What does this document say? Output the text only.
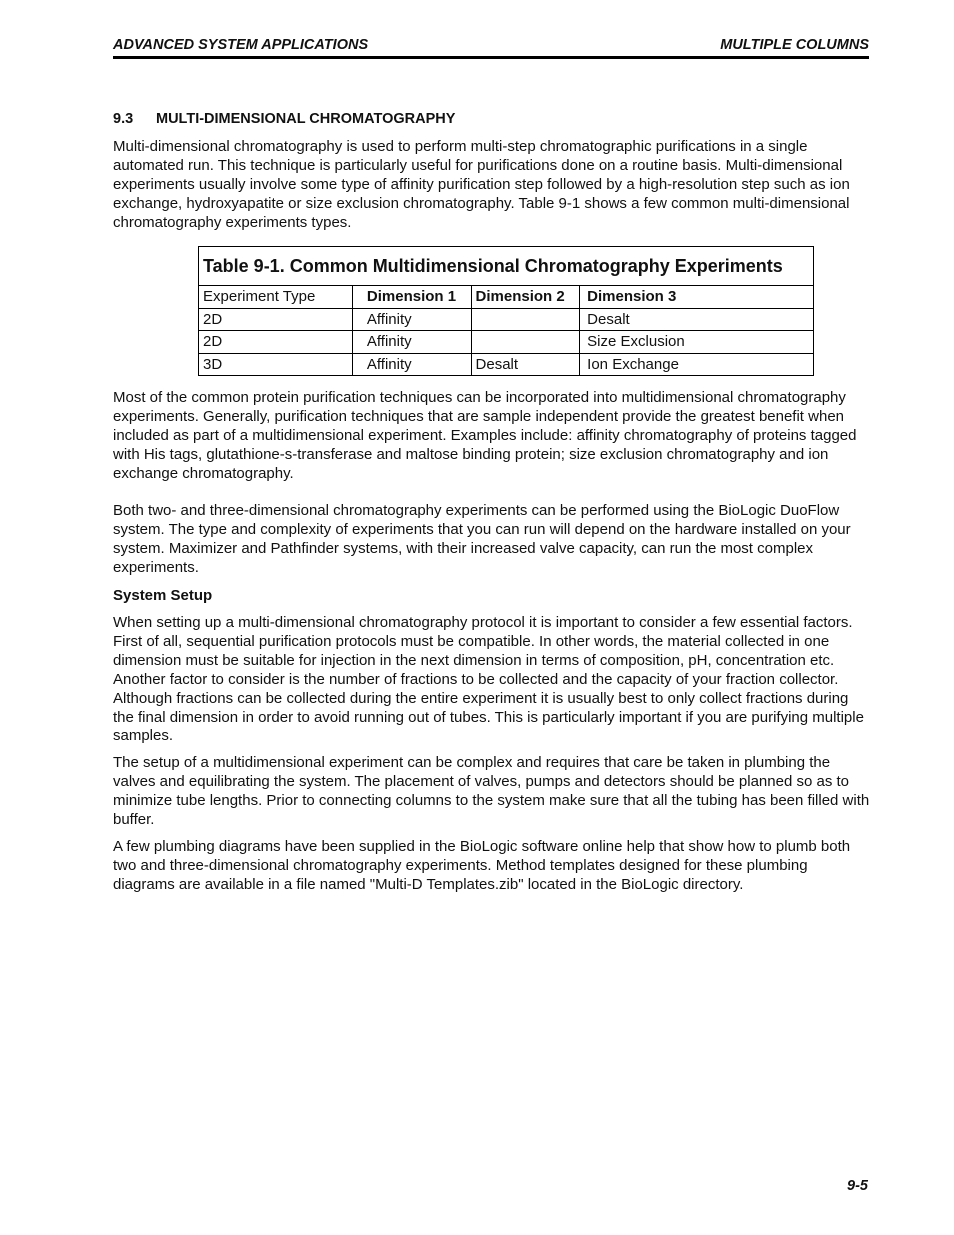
ADVANCED SYSTEM APPLICATIONS	MULTIPLE COLUMNS
9.3 MULTI-DIMENSIONAL CHROMATOGRAPHY

Multi-dimensional chromatography is used to perform multi-step chromatographic purifications in a single automated run. This technique is particularly useful for purifications done on a routine basis. Multi-dimensional experiments usually involve some type of affinity purification step followed by a high-resolution step such as ion exchange, hydroxyapatite or size exclusion chromatography. Table 9-1 shows a few common multi-dimensional chromatography experiments types.

Table 9-1. Common Multidimensional Chromatography Experiments			
Experiment Type	Dimension 1	Dimension 2	Dimension 3
2D	Affinity		Desalt
2D	Affinity		Size Exclusion
3D	Affinity	Desalt	Ion Exchange

Most of the common protein purification techniques can be incorporated into multidimensional chromatography experiments. Generally, purification techniques that are sample independent provide the greatest benefit when included as part of a multidimensional experiment. Examples include: affinity chromatography of proteins tagged with His tags, glutathione-s-transferase and maltose binding protein; size exclusion chromatography and ion exchange chromatography.

Both two- and three-dimensional chromatography experiments can be performed using the BioLogic DuoFlow system. The type and complexity of experiments that you can run will depend on the hardware installed on your system. Maximizer and Pathfinder systems, with their increased valve capacity, can run the most complex experiments.

System Setup

When setting up a multi-dimensional chromatography protocol it is important to consider a few essential factors. First of all, sequential purification protocols must be compatible. In other words, the material collected in one dimension must be suitable for injection in the next dimension in terms of composition, pH, concentration etc. Another factor to consider is the number of fractions to be collected and the capacity of your fraction collector. Although fractions can be collected during the entire experiment it is usually best to only collect fractions during the final dimension in order to avoid running out of tubes. This is particularly important if you are purifying multiple samples.

The setup of a multidimensional experiment can be complex and requires that care be taken in plumbing the valves and equilibrating the system. The placement of valves, pumps and detectors should be planned so as to minimize tube lengths. Prior to connecting columns to the system make sure that all the tubing has been filled with buffer.

A few plumbing diagrams have been supplied in the BioLogic software online help that show how to plumb both two and three-dimensional chromatography experiments. Method templates designed for these plumbing diagrams are available in a file named "Multi-D Templates.zib" located in the BioLogic directory.

9-5
